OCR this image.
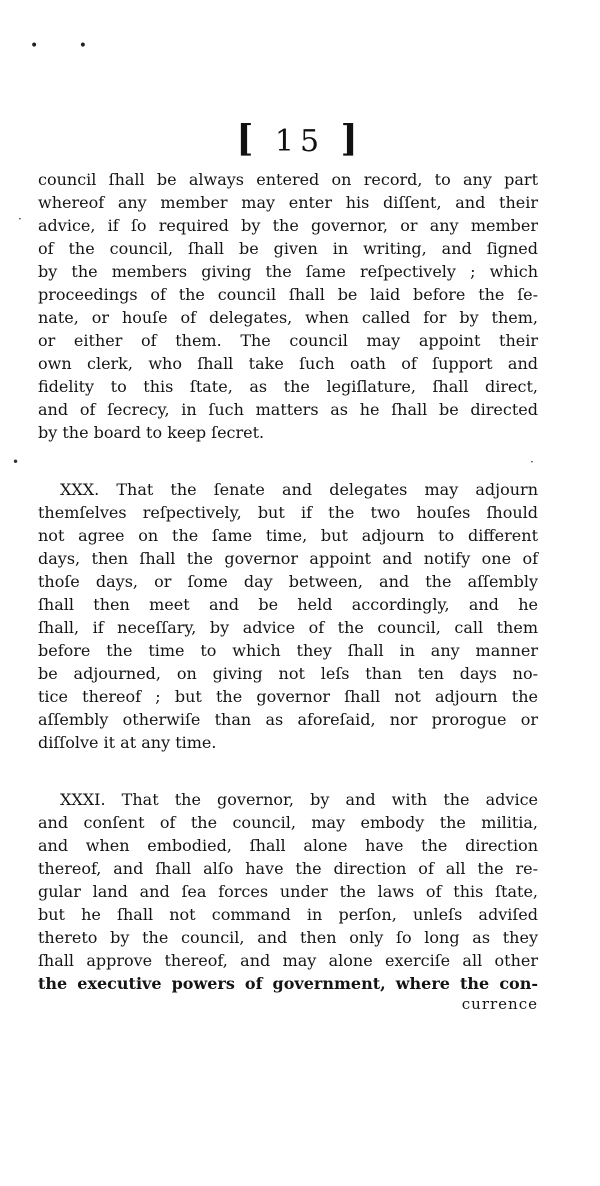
• •
[ 15 ]
·
•	·
council ſhall be always entered on record, to any part
whereof any member may enter his diſſent, and their
advice, if ſo required by the governor, or any member
of the council, ſhall be given in writing, and ſigned
by the members giving the ſame reſpectively ; which
proceedings of the council ſhall be laid before the ſe-
nate, or houſe of delegates, when called for by them,
or either of them. The council may appoint their
own clerk, who ſhall take ſuch oath of ſupport and
fidelity to this ſtate, as the legiſlature, ſhall direct,
and of ſecrecy, in ſuch matters as he ſhall be directed
by the board to keep ſecret.
XXX. That the ſenate and delegates may adjourn
themſelves reſpectively, but if the two houſes ſhould
not agree on the ſame time, but adjourn to different
days, then ſhall the governor appoint and notify one of
thoſe days, or ſome day between, and the aſſembly
ſhall then meet and be held accordingly, and he
ſhall, if neceſſary, by advice of the council, call them
before the time to which they ſhall in any manner
be adjourned, on giving not leſs than ten days no-
tice thereof ; but the governor ſhall not adjourn the
aſſembly otherwiſe than as aforeſaid, nor prorogue or
diſſolve it at any time.
XXXI. That the governor, by and with the advice
and conſent of the council, may embody the militia,
and when embodied, ſhall alone have the direction
thereof, and ſhall alſo have the direction of all the re-
gular land and ſea forces under the laws of this ſtate,
but he ſhall not command in perſon, unleſs adviſed
thereto by the council, and then only ſo long as they
ſhall approve thereof, and may alone exerciſe all other
the executive powers of government, where the con-
currence
